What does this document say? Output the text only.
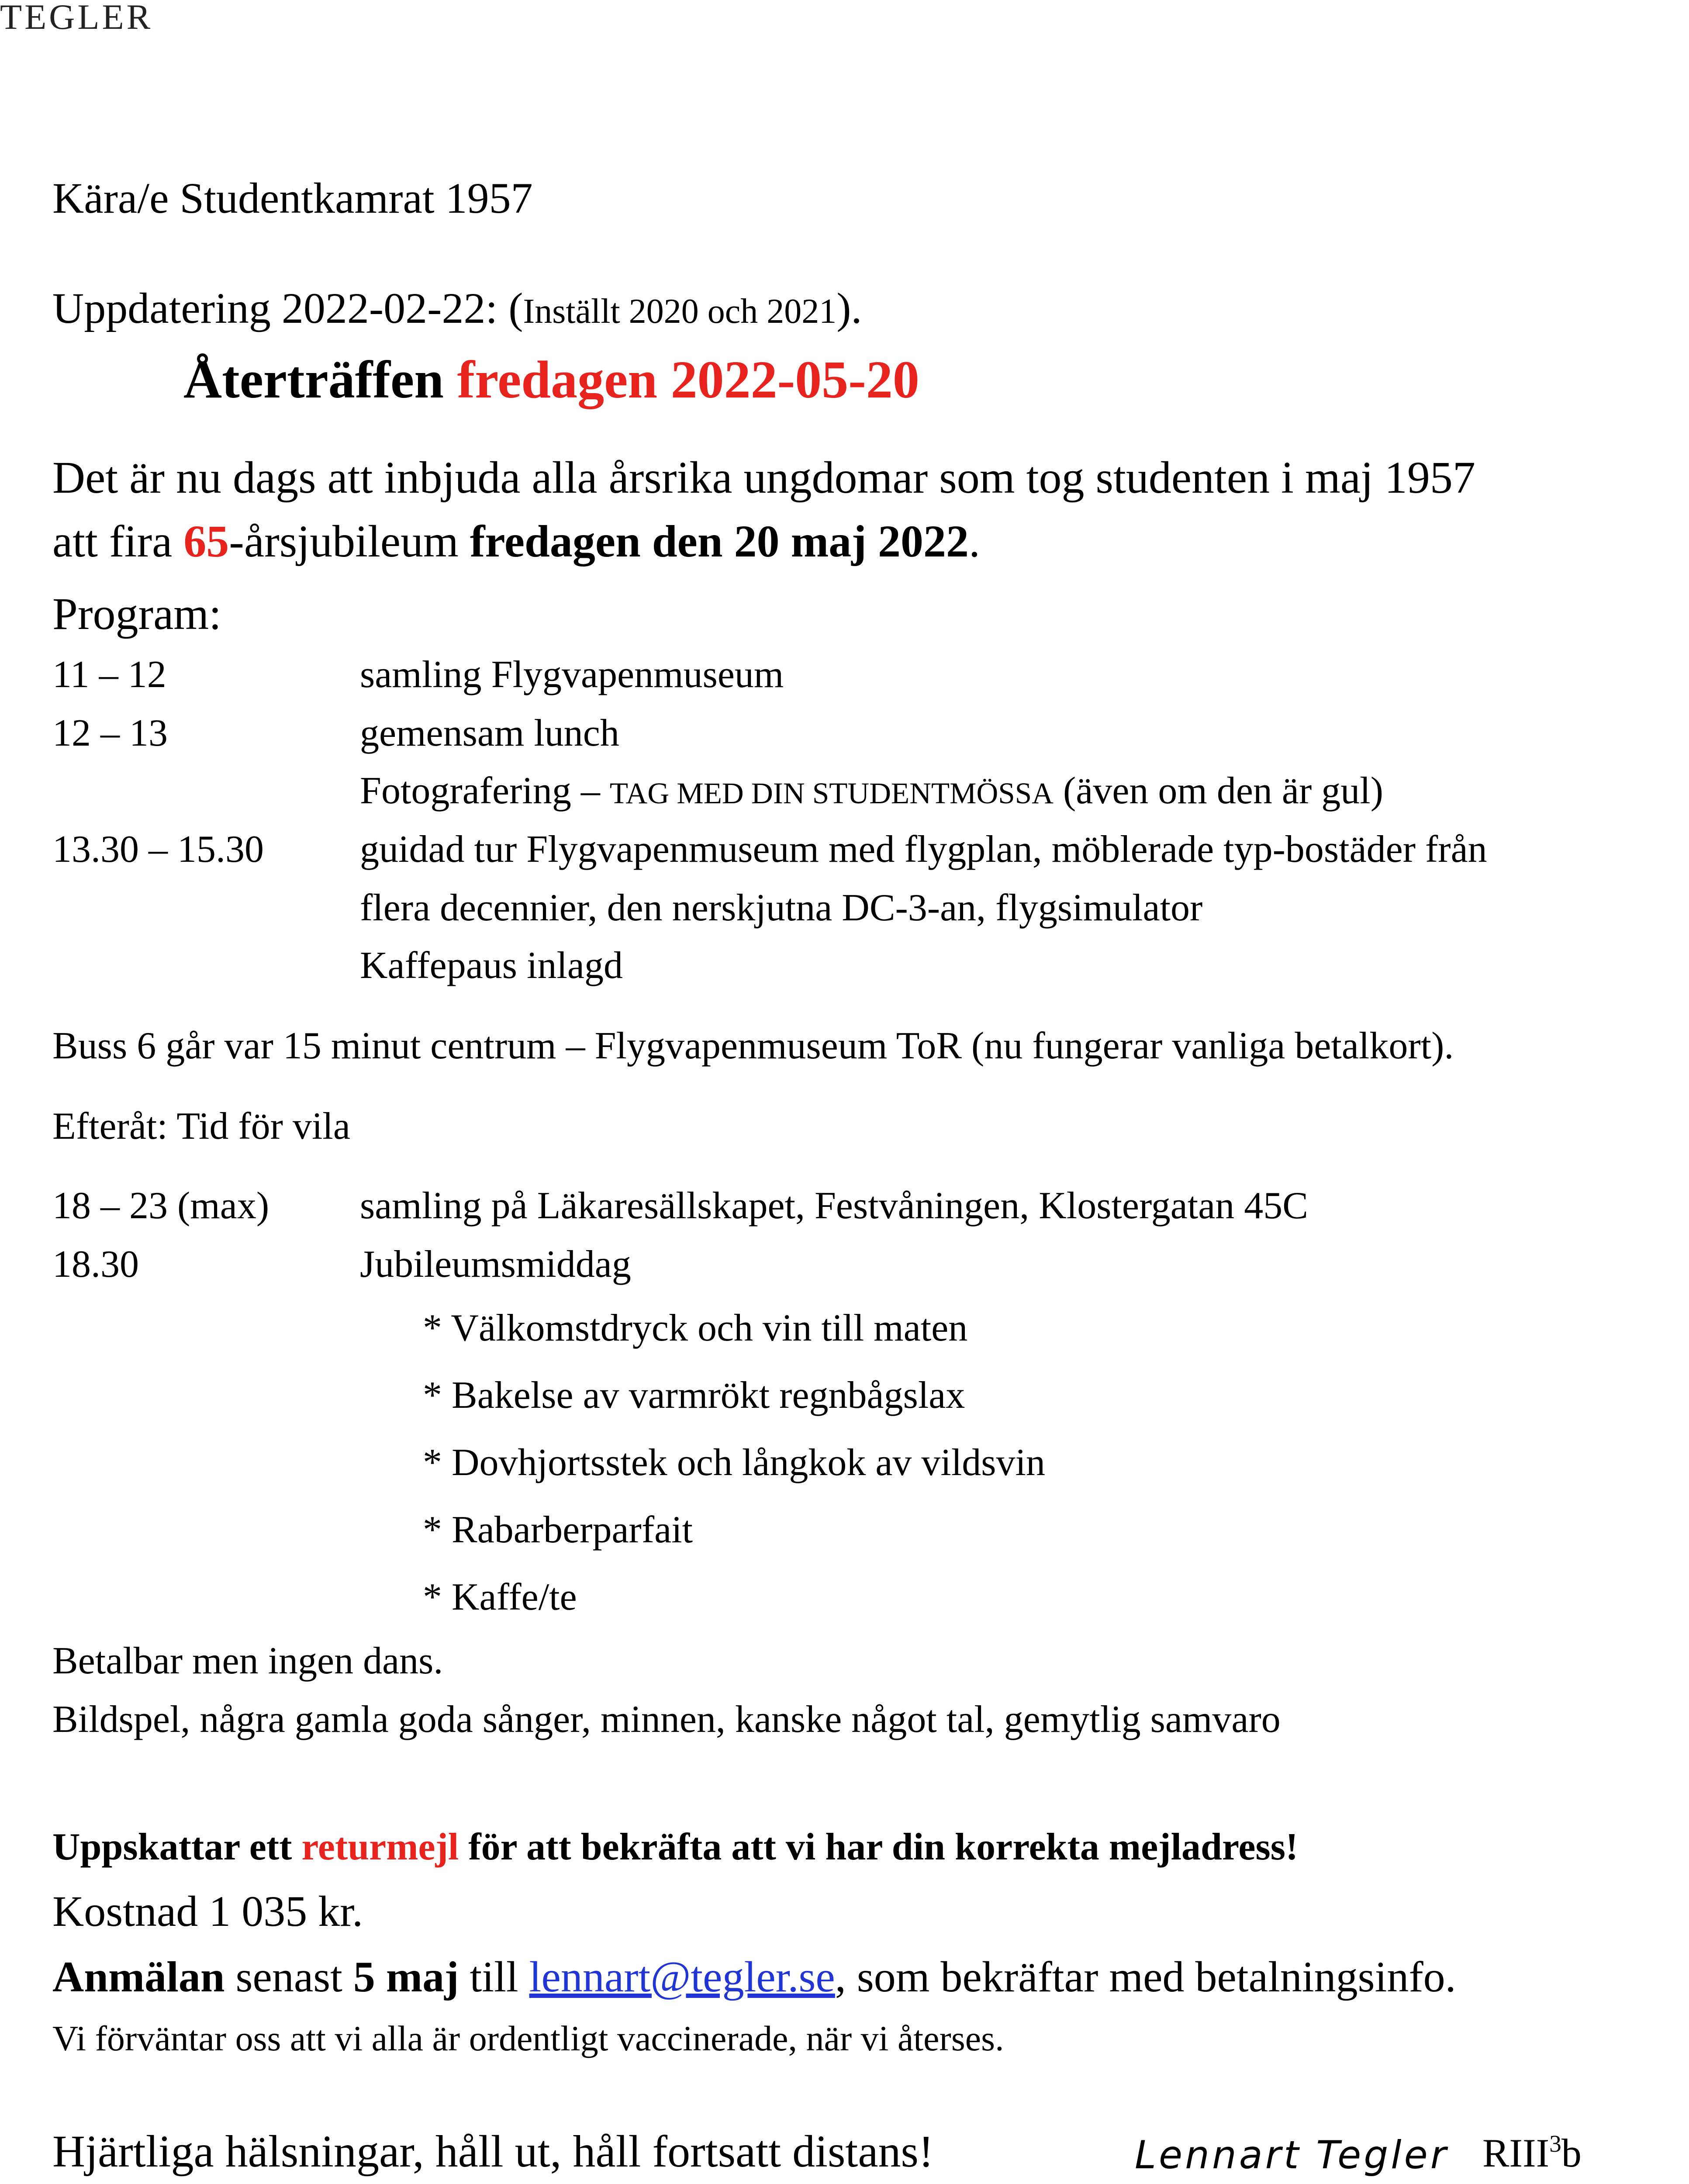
TEGLER
Kära/e Studentkamrat 1957
Uppdatering 2022-02-22: (Inställt 2020 och 2021).
Återträffen fredagen 2022-05-20
Det är nu dags att inbjuda alla årsrika ungdomar som tog studenten i maj 1957
att fira 65-årsjubileum fredagen den 20 maj 2022.
Program:
11 – 12	samling Flygvapenmuseum
12 – 13	gemensam lunch
Fotografering – TAG MED DIN STUDENTMÖSSA (även om den är gul)
13.30 – 15.30	guidad tur Flygvapenmuseum med flygplan, möblerade typ-bostäder från
flera decennier, den nerskjutna DC-3-an, flygsimulator
Kaffepaus inlagd
Buss 6 går var 15 minut centrum – Flygvapenmuseum ToR (nu fungerar vanliga betalkort).
Efteråt: Tid för vila
18 – 23 (max) samling på Läkaresällskapet, Festvåningen, Klostergatan 45C
18.30	Jubileumsmiddag
* Välkomstdryck och vin till maten
* Bakelse av varmrökt regnbågslax
* Dovhjortsstek och långkok av vildsvin
* Rabarberparfait
* Kaffe/te
Betalbar men ingen dans.
Bildspel, några gamla goda sånger, minnen, kanske något tal, gemytlig samvaro
Uppskattar ett returmejl för att bekräfta att vi har din korrekta mejladress!
Kostnad 1 035 kr.
Anmälan senast 5 maj till lennart@tegler.se, som bekräftar med betalningsinfo.
Vi förväntar oss att vi alla är ordentligt vaccinerade, när vi återses.
Hjärtliga hälsningar, håll ut, håll fortsatt distans!	Lennart Tegler RIII$^3$b
